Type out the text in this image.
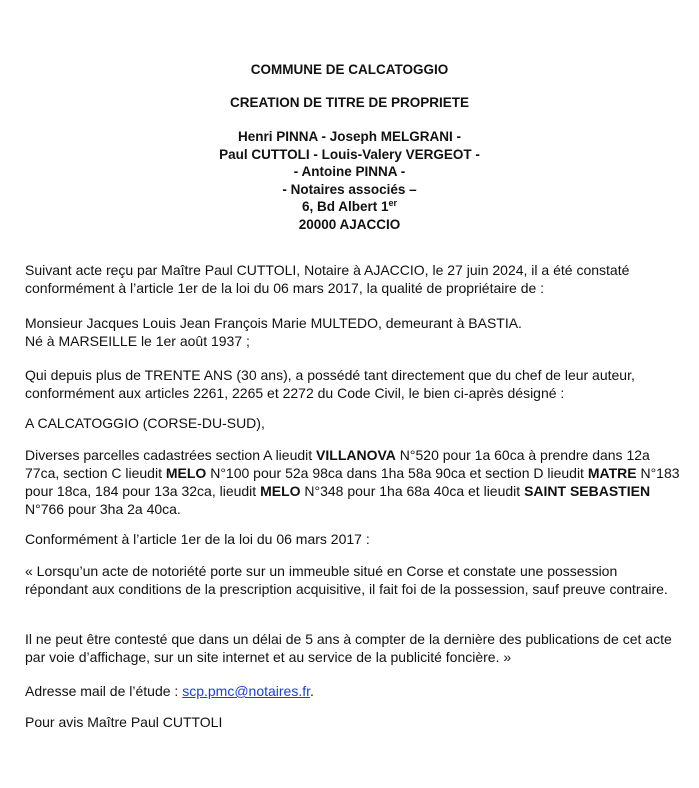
COMMUNE DE CALCATOGGIO
CREATION DE TITRE DE PROPRIETE
Henri PINNA - Joseph MELGRANI -
Paul CUTTOLI - Louis-Valery VERGEOT -
- Antoine PINNA -
- Notaires associés –
6, Bd Albert 1er
20000 AJACCIO

Suivant acte reçu par Maître Paul CUTTOLI, Notaire à AJACCIO, le 27 juin 2024, il a été constaté conformément à l’article 1er de la loi du 06 mars 2017, la qualité de propriétaire de :

Monsieur Jacques Louis Jean François Marie MULTEDO, demeurant à BASTIA.

Né à MARSEILLE le 1er août 1937 ;

Qui depuis plus de TRENTE ANS (30 ans), a possédé tant directement que du chef de leur auteur, conformément aux articles 2261, 2265 et 2272 du Code Civil, le bien ci-après désigné :

A CALCATOGGIO (CORSE-DU-SUD),

Diverses parcelles cadastrées section A lieudit VILLANOVA N°520 pour 1a 60ca à prendre dans 12a 77ca, section C lieudit MELO N°100 pour 52a 98ca dans 1ha 58a 90ca et section D lieudit MATRE N°183 pour 18ca, 184 pour 13a 32ca, lieudit MELO N°348 pour 1ha 68a 40ca et lieudit SAINT SEBASTIEN N°766 pour 3ha 2a 40ca.

Conformément à l’article 1er de la loi du 06 mars 2017 :

« Lorsqu’un acte de notoriété porte sur un immeuble situé en Corse et constate une possession répondant aux conditions de la prescription acquisitive, il fait foi de la possession, sauf preuve contraire.

Il ne peut être contesté que dans un délai de 5 ans à compter de la dernière des publications de cet acte par voie d’affichage, sur un site internet et au service de la publicité foncière. »

Adresse mail de l’étude : scp.pmc@notaires.fr.

Pour avis Maître Paul CUTTOLI
